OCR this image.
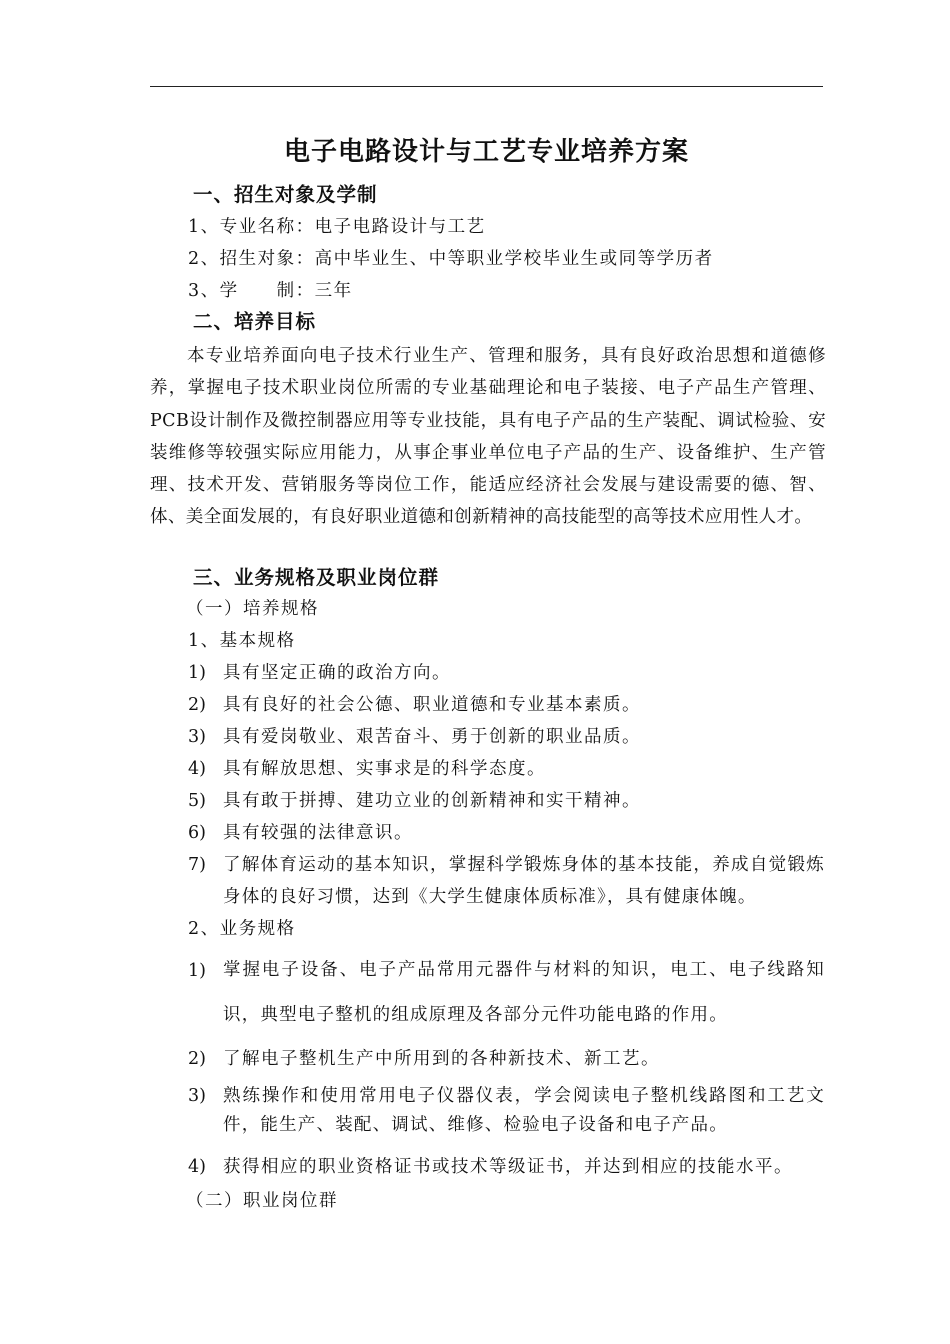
电子电路设计与工艺专业培养方案
一、招生对象及学制
1、专业名称：电子电路设计与工艺
2、招生对象：高中毕业生、中等职业学校毕业生或同等学历者
3、学　　制：三年
二、培养目标

本专业培养面向电子技术行业生产、管理和服务，具有良好政治思想和道德修养，掌握电子技术职业岗位所需的专业基础理论和电子装接、电子产品生产管理、PCB设计制作及微控制器应用等专业技能，具有电子产品的生产装配、调试检验、安装维修等较强实际应用能力，从事企事业单位电子产品的生产、设备维护、生产管理、技术开发、营销服务等岗位工作，能适应经济社会发展与建设需要的德、智、体、美全面发展的，有良好职业道德和创新精神的高技能型的高等技术应用性人才。

三、业务规格及职业岗位群
（一）培养规格
1、基本规格
1) 具有坚定正确的政治方向。
2) 具有良好的社会公德、职业道德和专业基本素质。
3) 具有爱岗敬业、艰苦奋斗、勇于创新的职业品质。
4) 具有解放思想、实事求是的科学态度。
5) 具有敢于拼搏、建功立业的创新精神和实干精神。
6) 具有较强的法律意识。
7) 了解体育运动的基本知识，掌握科学锻炼身体的基本技能，养成自觉锻炼身体的良好习惯，达到《大学生健康体质标准》，具有健康体魄。

2、业务规格
1) 掌握电子设备、电子产品常用元器件与材料的知识，电工、电子线路知识，典型电子整机的组成原理及各部分元件功能电路的作用。

2) 了解电子整机生产中所用到的各种新技术、新工艺。
3) 熟练操作和使用常用电子仪器仪表，学会阅读电子整机线路图和工艺文件，能生产、装配、调试、维修、检验电子设备和电子产品。

4) 获得相应的职业资格证书或技术等级证书，并达到相应的技能水平。
（二）职业岗位群
